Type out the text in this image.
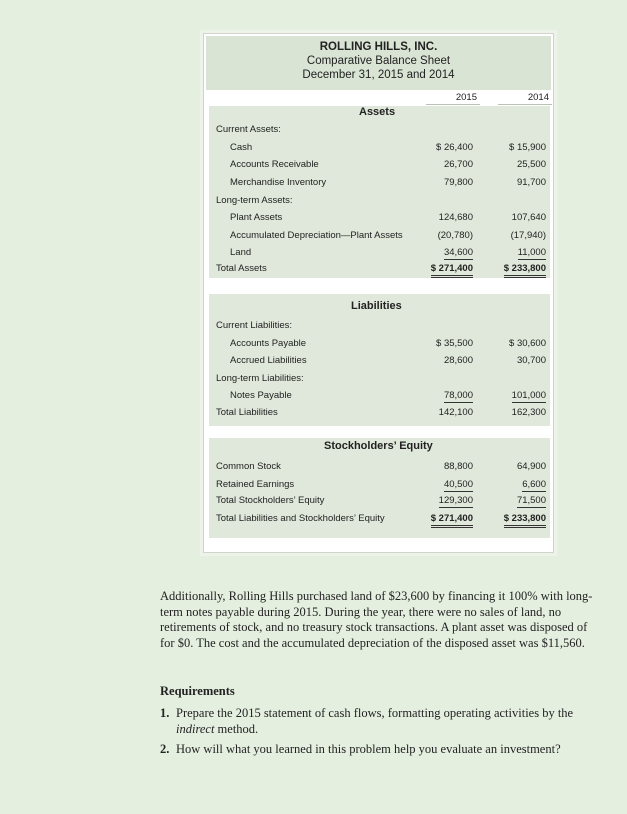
ROLLING HILLS, INC.
Comparative Balance Sheet
December 31, 2015 and 2014
2015	2014
Assets
Current Assets:
Cash	$ 26,400	$ 15,900
Accounts Receivable	26,700	25,500
Merchandise Inventory	79,800	91,700
Long-term Assets:
Plant Assets	124,680	107,640
Accumulated Depreciation—Plant Assets	(20,780)	(17,940)
Land	34,600	11,000
Total Assets	$ 271,400	$ 233,800
Liabilities
Current Liabilities:
Accounts Payable	$ 35,500	$ 30,600
Accrued Liabilities	28,600	30,700
Long-term Liabilities:
Notes Payable	78,000	101,000
Total Liabilities	142,100	162,300
Stockholders’ Equity
Common Stock	88,800	64,900
Retained Earnings	40,500	6,600
Total Stockholders’ Equity	129,300	71,500
Total Liabilities and Stockholders’ Equity	$ 271,400	$ 233,800
Additionally, Rolling Hills purchased land of $23,600 by financing it 100% with long-term notes payable during 2015. During the year, there were no sales of land, no retirements of stock, and no treasury stock transactions. A plant asset was disposed of for $0. The cost and the accumulated depreciation of the disposed asset was $11,560.
Requirements
1. Prepare the 2015 statement of cash flows, formatting operating activities by the indirect method.
2. How will what you learned in this problem help you evaluate an investment?
